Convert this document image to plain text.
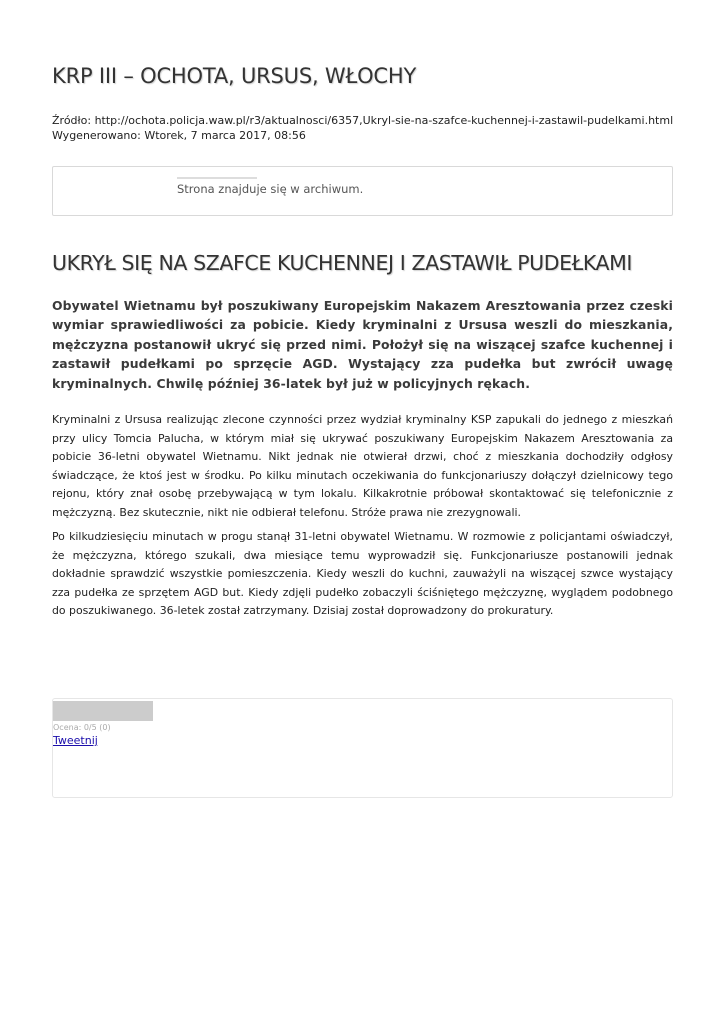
KRP III – OCHOTA, URSUS, WŁOCHY
Źródło: http://ochota.policja.waw.pl/r3/aktualnosci/6357,Ukryl-sie-na-szafce-kuchennej-i-zastawil-pudelkami.html
Wygenerowano: Wtorek, 7 marca 2017, 08:56
Strona znajduje się w archiwum.
UKRYŁ SIĘ NA SZAFCE KUCHENNEJ I ZASTAWIŁ PUDEŁKAMI

Obywatel Wietnamu był poszukiwany Europejskim Nakazem Aresztowania przez czeski wymiar sprawiedliwości za pobicie. Kiedy kryminalni z Ursusa weszli do mieszkania, mężczyzna postanowił ukryć się przed nimi. Położył się na wiszącej szafce kuchennej i zastawił pudełkami po sprzęcie AGD. Wystający zza pudełka but zwrócił uwagę kryminalnych. Chwilę później 36-latek był już w policyjnych rękach.

Kryminalni z Ursusa realizując zlecone czynności przez wydział kryminalny KSP zapukali do jednego z mieszkań przy ulicy Tomcia Palucha, w którym miał się ukrywać poszukiwany Europejskim Nakazem Aresztowania za pobicie 36-letni obywatel Wietnamu. Nikt jednak nie otwierał drzwi, choć z mieszkania dochodziły odgłosy świadczące, że ktoś jest w środku. Po kilku minutach oczekiwania do funkcjonariuszy dołączył dzielnicowy tego rejonu, który znał osobę przebywającą w tym lokalu. Kilkakrotnie próbował skontaktować się telefonicznie z mężczyzną. Bez skutecznie, nikt nie odbierał telefonu. Stróże prawa nie zrezygnowali.

Po kilkudziesięciu minutach w progu stanął 31-letni obywatel Wietnamu. W rozmowie z policjantami oświadczył, że mężczyzna, którego szukali, dwa miesiące temu wyprowadził się. Funkcjonariusze postanowili jednak dokładnie sprawdzić wszystkie pomieszczenia. Kiedy weszli do kuchni, zauważyli na wiszącej szwce wystający zza pudełka ze sprzętem AGD but. Kiedy zdjęli pudełko zobaczyli ściśniętego mężczyznę, wyglądem podobnego do poszukiwanego. 36-letek został zatrzymany. Dzisiaj został doprowadzony do prokuratury.

Ocena: 0/5 (0)
Tweetnij
